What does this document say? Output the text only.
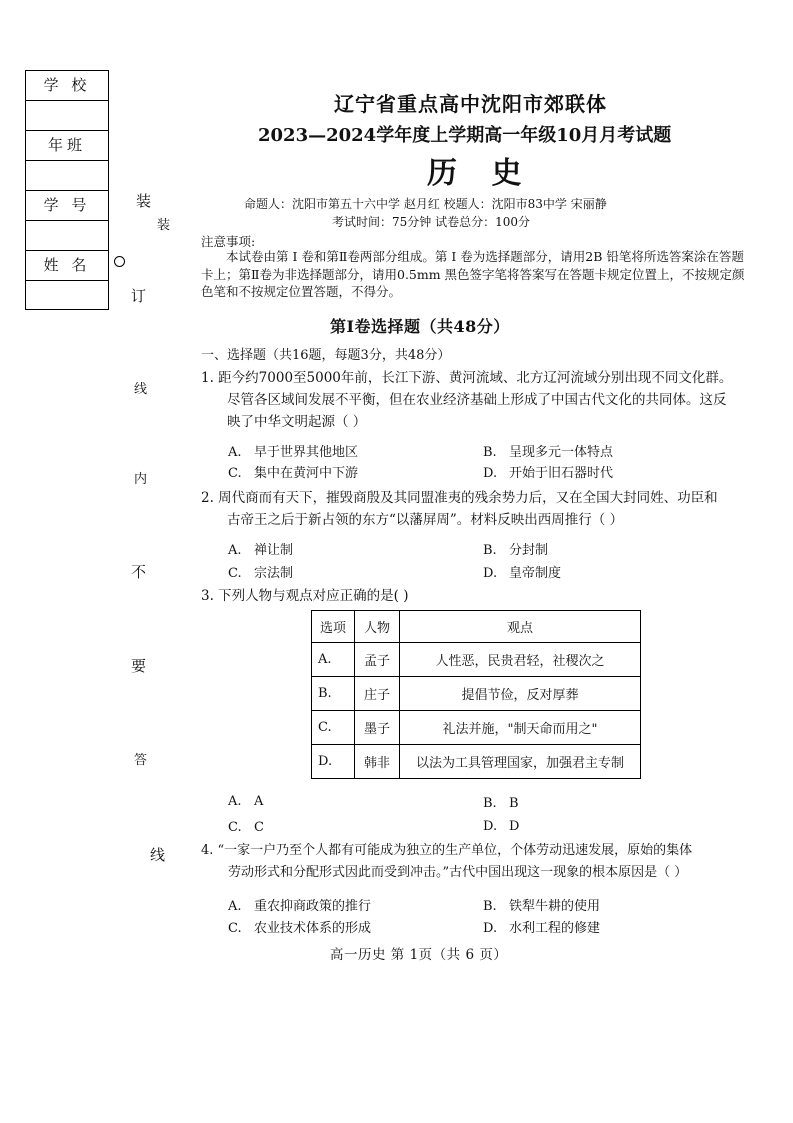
学 校
年班
学 号
姓 名
装
装
订
线
内
不
要
答
线
辽宁省重点高中沈阳市郊联体
2023—2024学年度上学期高一年级10月月考试题
历 史
命题人：沈阳市第五十六中学 赵月红 校题人：沈阳市83中学 宋丽静
考试时间：75分钟 试卷总分：100分
注意事项:
本试卷由第 Ⅰ 卷和第Ⅱ卷两部分组成。第 Ⅰ 卷为选择题部分，请用2B 铅笔将所选答案涂在答题卡上；第Ⅱ卷为非选择题部分，请用0.5mm 黑色签字笔将答案写在答题卡规定位置上，不按规定颜色笔和不按规定位置答题，不得分。
第Ⅰ卷选择题（共48分）
一、选择题（共16题，每题3分，共48分）
1. 距今约7000至5000年前，长江下游、黄河流域、北方辽河流域分别出现不同文化群。
尽管各区域间发展不平衡，但在农业经济基础上形成了中国古代文化的共同体。这反
映了中华文明起源（ ）
A. 早于世界其他地区	B. 呈现多元一体特点
C. 集中在黄河中下游	D. 开始于旧石器时代
2. 周代商而有天下，摧毁商殷及其同盟准夷的残余势力后，又在全国大封同姓、功臣和
古帝王之后于新占领的东方“以藩屏周”。材料反映出西周推行（ ）
A. 禅让制	B. 分封制
C. 宗法制	D. 皇帝制度
3. 下列人物与观点对应正确的是( )
选项	人物	观点
A.	孟子	人性恶，民贵君轻，社稷次之
B.	庄子	提倡节俭，反对厚葬
C.	墨子	礼法并施，"制天命而用之"
D.	韩非	以法为工具管理国家，加强君主专制
A. A	B. B
C. C	D. D
4. “一家一户乃至个人都有可能成为独立的生产单位，个体劳动迅速发展，原始的集体
劳动形式和分配形式因此而受到冲击。”古代中国出现这一现象的根本原因是（ ）
A. 重农抑商政策的推行	B. 铁犁牛耕的使用
C. 农业技术体系的形成	D. 水利工程的修建
高一历史 第 1页（共 6 页）
